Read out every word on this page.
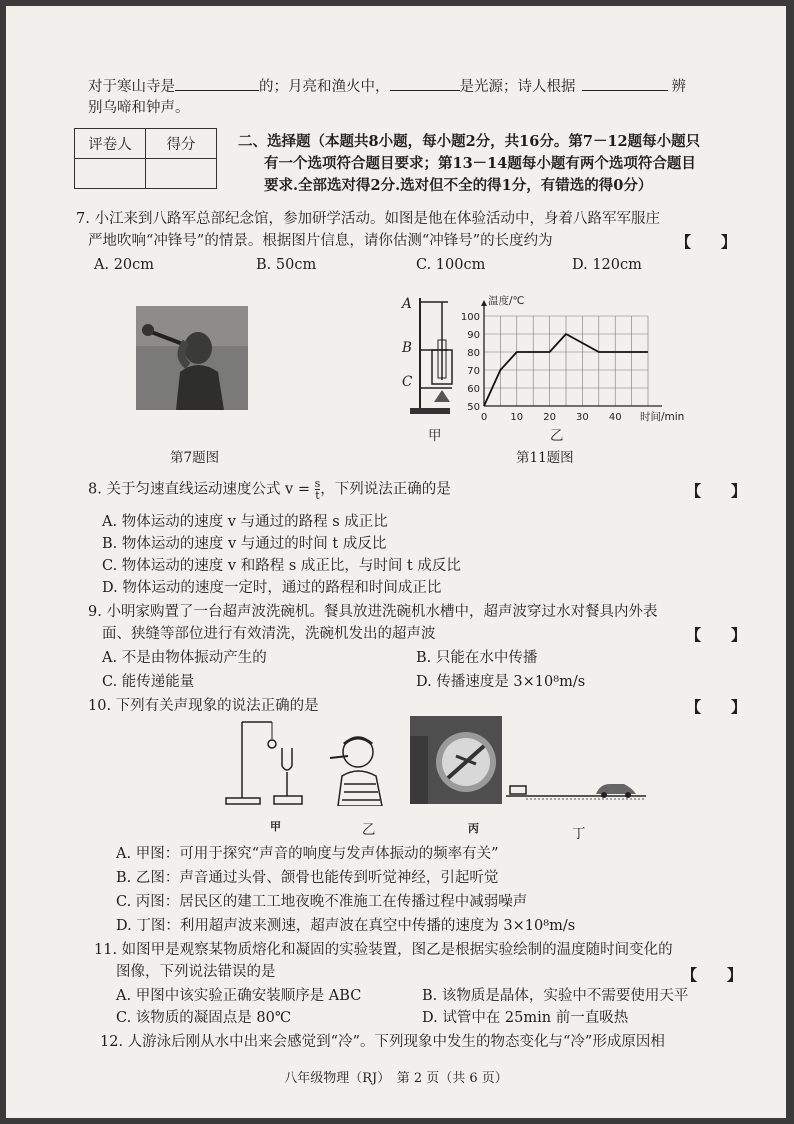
对于寒山寺是	的；月亮和渔火中，	是光源；诗人根据	辨
别乌啼和钟声。
评卷人	得分
		二、选择题（本题共8小题，每小题2分，共16分。第7－12题每小题只
有一个选项符合题目要求；第13－14题每小题有两个选项符合题目
要求.全部选对得2分.选对但不全的得1分，有错选的得0分）
7. 小江来到八路军总部纪念馆，参加研学活动。如图是他在体验活动中，身着八路军军服庄
严地吹响“冲锋号”的情景。根据图片信息，请你估测“冲锋号”的长度约为	【　　】
A. 20cm	B. 50cm	C. 100cm	D. 120cm
第7题图
A
B
C
甲
50
60
70
80
90
100
0 10 20 30 40
温度/℃
时间/min
乙
第11题图
8. 关于匀速直线运动速度公式 $v = \frac{s}{t}$ ，下列说法正确的是	【　　】
A. 物体运动的速度 v 与通过的路程 s 成正比
B. 物体运动的速度 v 与通过的时间 t 成反比
C. 物体运动的速度 v 和路程 s 成正比，与时间 t 成反比
D. 物体运动的速度一定时，通过的路程和时间成正比
9. 小明家购置了一台超声波洗碗机。餐具放进洗碗机水槽中，超声波穿过水对餐具内外表
面、狭缝等部位进行有效清洗，洗碗机发出的超声波	【　　】
A. 不是由物体振动产生的	B. 只能在水中传播
C. 能传递能量	D. 传播速度是 3×10⁸m/s
10. 下列有关声现象的说法正确的是	【　　】
甲	乙	丙	丁
A. 甲图：可用于探究“声音的响度与发声体振动的频率有关”
B. 乙图：声音通过头骨、颌骨也能传到听觉神经，引起听觉
C. 丙图：居民区的建工工地夜晚不准施工在传播过程中减弱噪声
D. 丁图：利用超声波来测速，超声波在真空中传播的速度为 3×10⁸m/s
11. 如图甲是观察某物质熔化和凝固的实验装置，图乙是根据实验绘制的温度随时间变化的
图像，下列说法错误的是	【　　】
A. 甲图中该实验正确安装顺序是 ABC	B. 该物质是晶体，实验中不需要使用天平
C. 该物质的凝固点是 80℃	D. 试管中在 25min 前一直吸热
12. 人游泳后刚从水中出来会感觉到“冷”。下列现象中发生的物态变化与“冷”形成原因相
八年级物理（RJ）　第 2 页（共 6 页）
